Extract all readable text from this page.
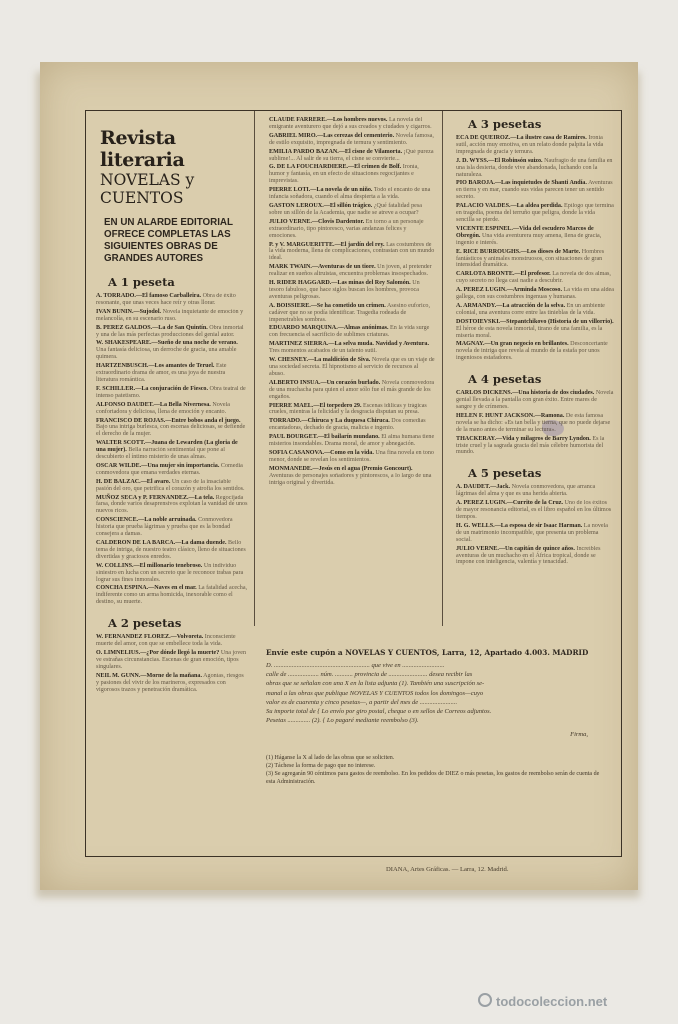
Revista literaria
NOVELAS y CUENTOS
EN UN ALARDE EDITORIAL OFRECE COMPLETAS LAS SIGUIENTES OBRAS DE GRANDES AUTORES
A 1 peseta
A. TORRADO.—El famoso Carballeira. Obra de éxito resonante, que unas veces hace reír y otras llorar.
IVAN BUNIN.—Sujodol. Novela inquietante de emoción y melancolía, en su escenario ruso.
B. PEREZ GALDOS.—La de San Quintín. Obra inmortal y una de las más perfectas producciones del genial autor.
W. SHAKESPEARE.—Sueño de una noche de verano. Una fantasía deliciosa, un derroche de gracia, una amable quimera.
HARTZENBUSCH.—Los amantes de Teruel. Este extraordinario drama de amor, es una joya de nuestra literatura romántica.
F. SCHILLER.—La conjuración de Fiesco. Obra teatral de intenso patetismo.
ALFONSO DAUDET.—La Bella Nivernesa. Novela confortadora y deliciosa, llena de emoción y encanto.
FRANCISCO DE ROJAS.—Entre bobos anda el juego. Bajo una intriga burlesca, con escenas deliciosas, se defiende el derecho de la mujer.
WALTER SCOTT.—Juana de Lewarden (La gloria de una mujer). Bella narración sentimental que pone al descubierto el íntimo misterio de unas almas.
OSCAR WILDE.—Una mujer sin importancia. Comedia conmovedora que emana verdades eternas.
H. DE BALZAC.—El avaro. Un caso de la insaciable pasión del oro, que petrifica el corazón y atrofia los sentidos.
MUÑOZ SECA y P. FERNANDEZ.—La tela. Regocijada farsa, donde varios desaprensivos explotan la vanidad de unos nuevos ricos.
CONSCIENCE.—La noble arruinada. Conmovedora historia que prueba lágrimas y prueba que es la bondad consejera a damas.
CALDERON DE LA BARCA.—La dama duende. Bello tema de intriga, de nuestro teatro clásico, lleno de situaciones divertidas y graciosos enredos.
W. COLLINS.—El millonario tenebroso. Un individuo siniestro en lucha con un secreto que le reconoce trabas para lograr sus fines inmorales.
CONCHA ESPINA.—Naves en el mar. La fatalidad acecha, indiferente como un arma homicida, inexorable como el destino, su muerte.
A 2 pesetas
W. FERNANDEZ FLOREZ.—Volvoreta. Inconsciente muerte del amor, con que se embellece toda la vida.
O. LIMNELIUS.—¿Por dónde llegó la muerte? Una joven ve estrañas circunstancias. Escenas de gran emoción, tipos singulares.
NEIL M. GUNN.—Morne de la mañana. Agonías, riesgos y pasiones del vivir de los marineros, expresados con vigorosos trazos y penetración dramática.
CLAUDE FARRERE.—Los hombres nuevos. La novela del emigrante aventurero que dejó a sus creados y ciudades y cigarros.
GABRIEL MIRO.—Las cerezas del cementerio. Novela famosa, de estilo exquisito, impregnada de ternura y sentimiento.
EMILIA PARDO BAZAN.—El cisne de Vilamorta. ¡Qué pureza sublime!... Al salir de su tierra, el cisne se convierte...
G. DE LA FOUCHARDIERE.—El crimen de Bolf. Ironía, humor y fantasía, en un efecto de situaciones regocijantes e imprevistas.
PIERRE LOTI.—La novela de un niño. Todo el encanto de una infancia soñadora, cuando el alma despierta a la vida.
GASTON LEROUX.—El sillón trágico. ¿Qué fatalidad pesa sobre un sillón de la Academia, que nadie se atreve a ocupar?
JULIO VERNE.—Clovis Dardentor. En torno a un personaje extraordinario, tipo pintoresco, varias andanzas felices y emociones.
P. y V. MARGUERITTE.—El jardín del rey. Las costumbres de la vida moderna, llena de complicaciones, contrastan con un mundo ideal.
MARK TWAIN.—Aventuras de un tiore. Un joven, al pretender realizar en sueños altruistas, encuentra problemas insospechados.
H. RIDER HAGGARD.—Las minas del Rey Salomón. Un tesoro fabuloso, que hace siglos buscan los hombres, provoca aventuras peligrosas.
A. BOISSIERE.—Se ha cometido un crimen. Asesino euforico, cadáver que no se podía identificar. Tragedia rodeada de impenetrables sombras.
EDUARDO MARQUINA.—Almas anónimas. En la vida surge con frecuencia el sacrificio de sublimes criaturas.
MARTINEZ SIERRA.—La selva muda. Navidad y Aventura. Tres momentos acabados de un talento sutil.
W. CHESNEY.—La maldición de Siva. Novela que es un viaje de una sociedad secreta. El hipnotismo al servicio de recursos al abuso.
ALBERTO INSUA.—Un corazón burlado. Novela conmovedora de una muchacha para quien el amor sólo fue el más grande de los engaños.
PIERRE MAEL.—El torpedero 29. Escenas idílicas y trágicas crueles, mientras la felicidad y la desgracia disputan su presa.
TORRADO.—Chiruca y La duquesa Chiruca. Dos comedias encantadoras, dechado de gracia, malicia e ingenio.
PAUL BOURGET.—El bailarín mundano. El alma humana tiene misterios insondables. Drama moral, de amor y abnegación.
SOFIA CASANOVA.—Como en la vida. Una fina novela en tono menor, donde se revelan los sentimientos.
MONMANEDE.—Jesús en el agua (Premio Goncourt). Aventuras de personajes soñadores y pintorescos, a lo largo de una intriga original y divertida.
A 3 pesetas
ECA DE QUEIROZ.—La ilustre casa de Ramires. Ironía sutil, acción muy emotiva, en un relato donde palpita la vida impregnada de gracia y ternura.
J. D. WYSS.—El Robinsón suizo. Naufragio de una familia en una isla desierta, donde vive abandonada, luchando con la naturaleza.
PIO BAROJA.—Las inquietudes de Shanti Andía. Aventuras en tierra y en mar, cuando sus vidas parecen tener un sentido secreto.
PALACIO VALDES.—La aldea perdida. Epílogo que termina en tragedia, poema del terruño que peligra, donde la vida sencilla se pierde.
VICENTE ESPINEL.—Vida del escudero Marcos de Obregón. Una vida aventurera muy amena, llena de gracia, ingenio e interés.
E. RICE BURROUGHS.—Los dioses de Marte. Hombres fantásticos y animales monstruosos, con situaciones de gran intensidad dramática.
CARLOTA BRONTE.—El profesor. La novela de dos almas, cuyo secreto no llega casi nadie a descubrir.
A. PEREZ LUGIN.—Arminda Moscoso. La vida en una aldea gallega, con sus costumbres ingenuas y humanas.
A. ARMANDY.—La atracción de la selva. En un ambiente colonial, una aventura corre entre las tinieblas de la vida.
DOSTOIEVSKI.—Stepantchikovo (Historia de un villorrio). El héroe de esta novela inmortal, tirano de una familia, es la miseria moral.
MAGNAY.—Un gran negocio en brillantes. Desconcertante novela de intriga que revela al mundo de la estafa por unos ingeniosos estafadores.
A 4 pesetas
CARLOS DICKENS.—Una historia de dos ciudades. Novela genial llevada a la pantalla con gran éxito. Entre mares de sangre y de crímenes.
HELEN F. HUNT JACKSON.—Ramona. De esta famosa novela se ha dicho: «Es tan bella y tierna, que no puede dejarse de la mano antes de terminar su lectura».
THACKERAY.—Vida y milagros de Barry Lyndon. Es la triste cruel y la sagrada gracia del más célebre humorista del mundo.
A 5 pesetas
A. DAUDET.—Jack. Novela conmovedora, que arranca lágrimas del alma y que es una herida abierta.
A. PEREZ LUGIN.—Currito de la Cruz. Uno de los éxitos de mayor resonancia editorial, es el libro español en los últimos tiempos.
H. G. WELLS.—La esposa de sir Isaac Harman. La novela de un matrimonio incompatible, que presenta un problema social.
JULIO VERNE.—Un capitán de quince años. Increíbles aventuras de un muchacho en el África tropical, donde se impone con inteligencia, valentía y tenacidad.
Envíe este cupón a NOVELAS Y CUENTOS, Larra, 12, Apartado 4.003. MADRID
D. ........................................................... que vive en ..........................
calle de ................... núm. ........... provincia de ........................ desea recibir las
obras que se señalan con una X en la lista adjunta (1). También una suscripción se-
manal a las obras que publique NOVELAS Y CUENTOS todos los domingos—cuyo
valor es de cuarenta y cinco pesetas—, a partir del mes de .......................
Su importe total de { Lo envío por giro postal, cheque o en sellos de Correos adjuntos.
Pesetas .............. (2). { Lo pagaré mediante reembolso (3).
Firma,
(1) Háganse la X al lado de las obras que se soliciten.
(2) Táchese la forma de pago que no interese.
(3) Se agregarán 90 céntimos para gastos de reembolso. En los pedidos de DIEZ o más pesetas, los gastos de reembolso serán de cuenta de esta Administración.
DIANA, Artes Gráficas. — Larra, 12. Madrid.
todocoleccion.net
